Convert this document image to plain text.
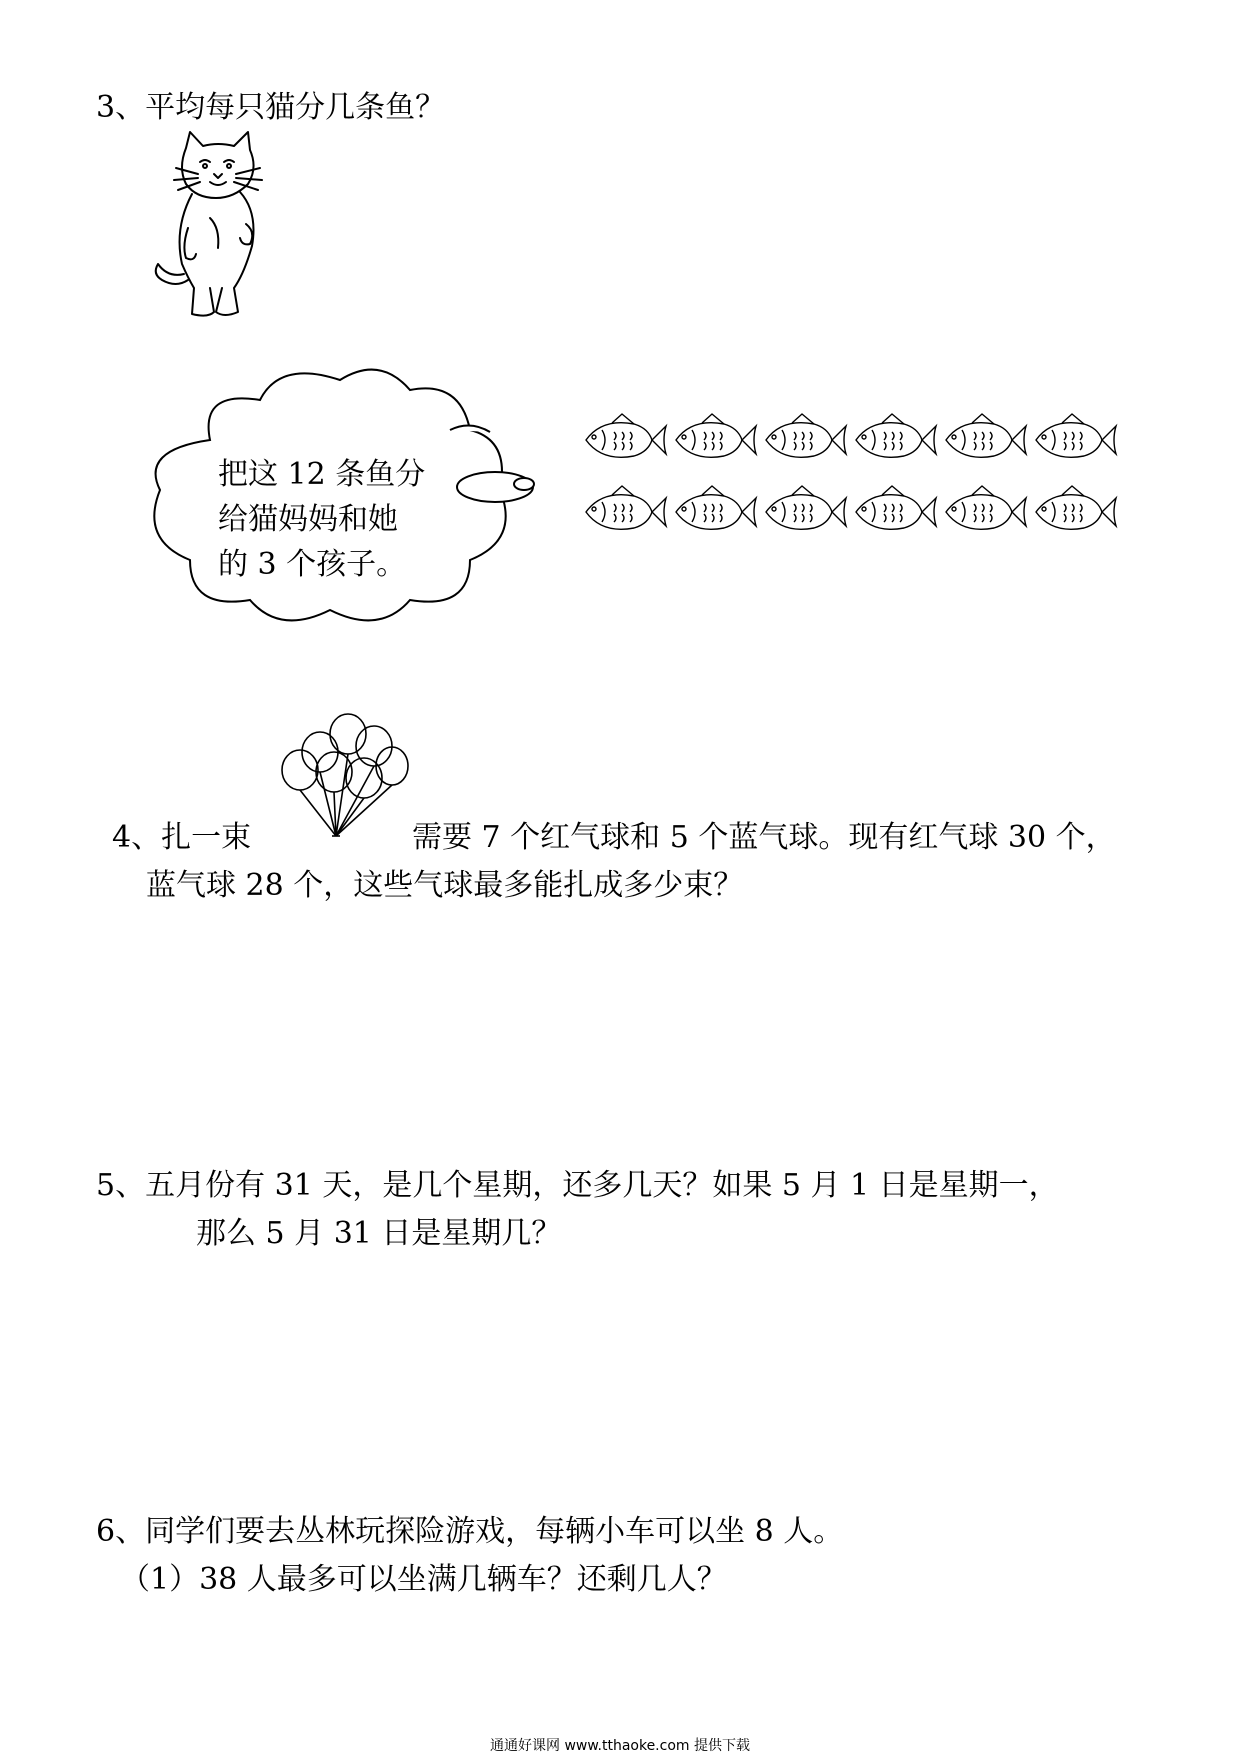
3、平均每只猫分几条鱼？
把这 12 条鱼分
给猫妈妈和她
的 3 个孩子。
4、扎一束	需要 7 个红气球和 5 个蓝气球。现有红气球 30 个，
蓝气球 28 个，这些气球最多能扎成多少束？
5、五月份有 31 天，是几个星期，还多几天？如果 5 月 1 日是星期一，
那么 5 月 31 日是星期几？
6、同学们要去丛林玩探险游戏，每辆小车可以坐 8 人。
（1）38 人最多可以坐满几辆车？还剩几人？
通通好课网 www.tthaoke.com 提供下载
